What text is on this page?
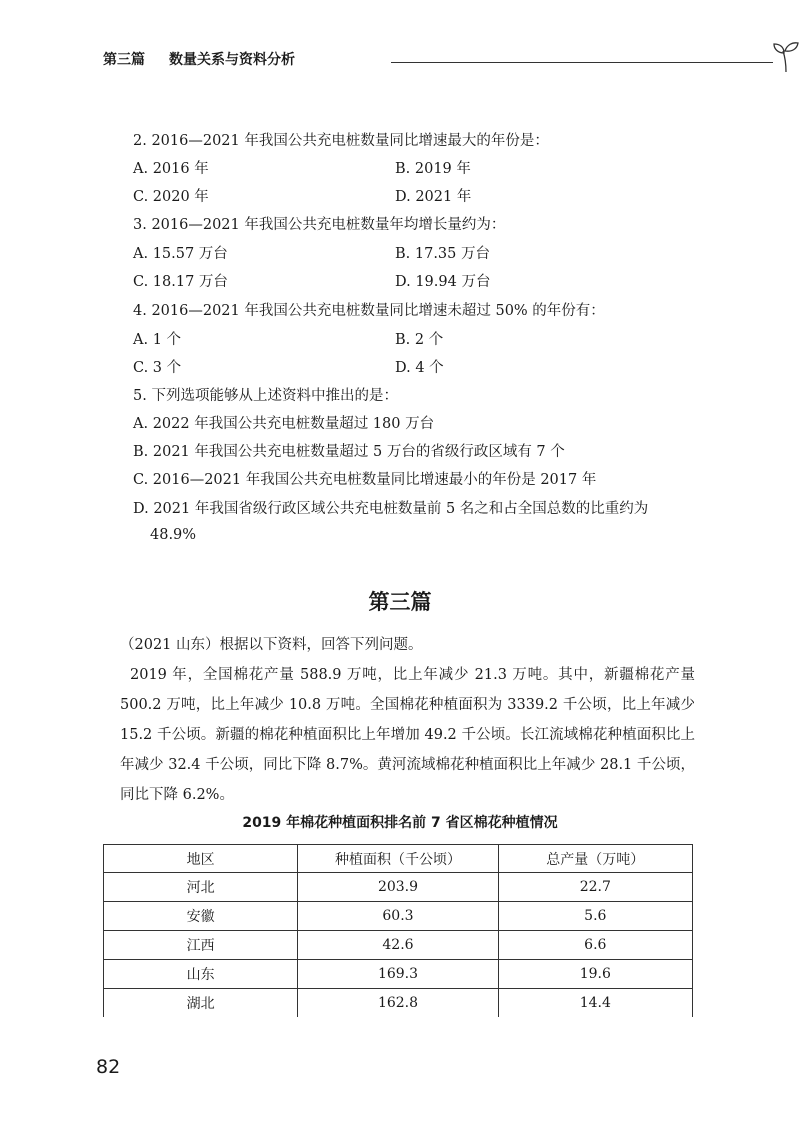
第三篇 数量关系与资料分析
2. 2016—2021 年我国公共充电桩数量同比增速最大的年份是：
A. 2016 年	B. 2019 年
C. 2020 年	D. 2021 年
3. 2016—2021 年我国公共充电桩数量年均增长量约为：
A. 15.57 万台	B. 17.35 万台
C. 18.17 万台	D. 19.94 万台
4. 2016—2021 年我国公共充电桩数量同比增速未超过 50% 的年份有：
A. 1 个	B. 2 个
C. 3 个	D. 4 个
5. 下列选项能够从上述资料中推出的是：
A. 2022 年我国公共充电桩数量超过 180 万台
B. 2021 年我国公共充电桩数量超过 5 万台的省级行政区域有 7 个
C. 2016—2021 年我国公共充电桩数量同比增速最小的年份是 2017 年
D. 2021 年我国省级行政区域公共充电桩数量前 5 名之和占全国总数的比重约为
48.9%
第三篇
（2021 山东）根据以下资料，回答下列问题。
2019 年，全国棉花产量 588.9 万吨，比上年减少 21.3 万吨。其中，新疆棉花产量 500.2 万吨，比上年减少 10.8 万吨。全国棉花种植面积为 3339.2 千公顷，比上年减少 15.2 千公顷。新疆的棉花种植面积比上年增加 49.2 千公顷。长江流域棉花种植面积比上年减少 32.4 千公顷，同比下降 8.7%。黄河流域棉花种植面积比上年减少 28.1 千公顷，同比下降 6.2%。
2019 年棉花种植面积排名前 7 省区棉花种植情况
地区	种植面积（千公顷）	总产量（万吨）
河北	203.9	22.7
安徽	60.3	5.6
江西	42.6	6.6
山东	169.3	19.6
湖北	162.8	14.4
82
